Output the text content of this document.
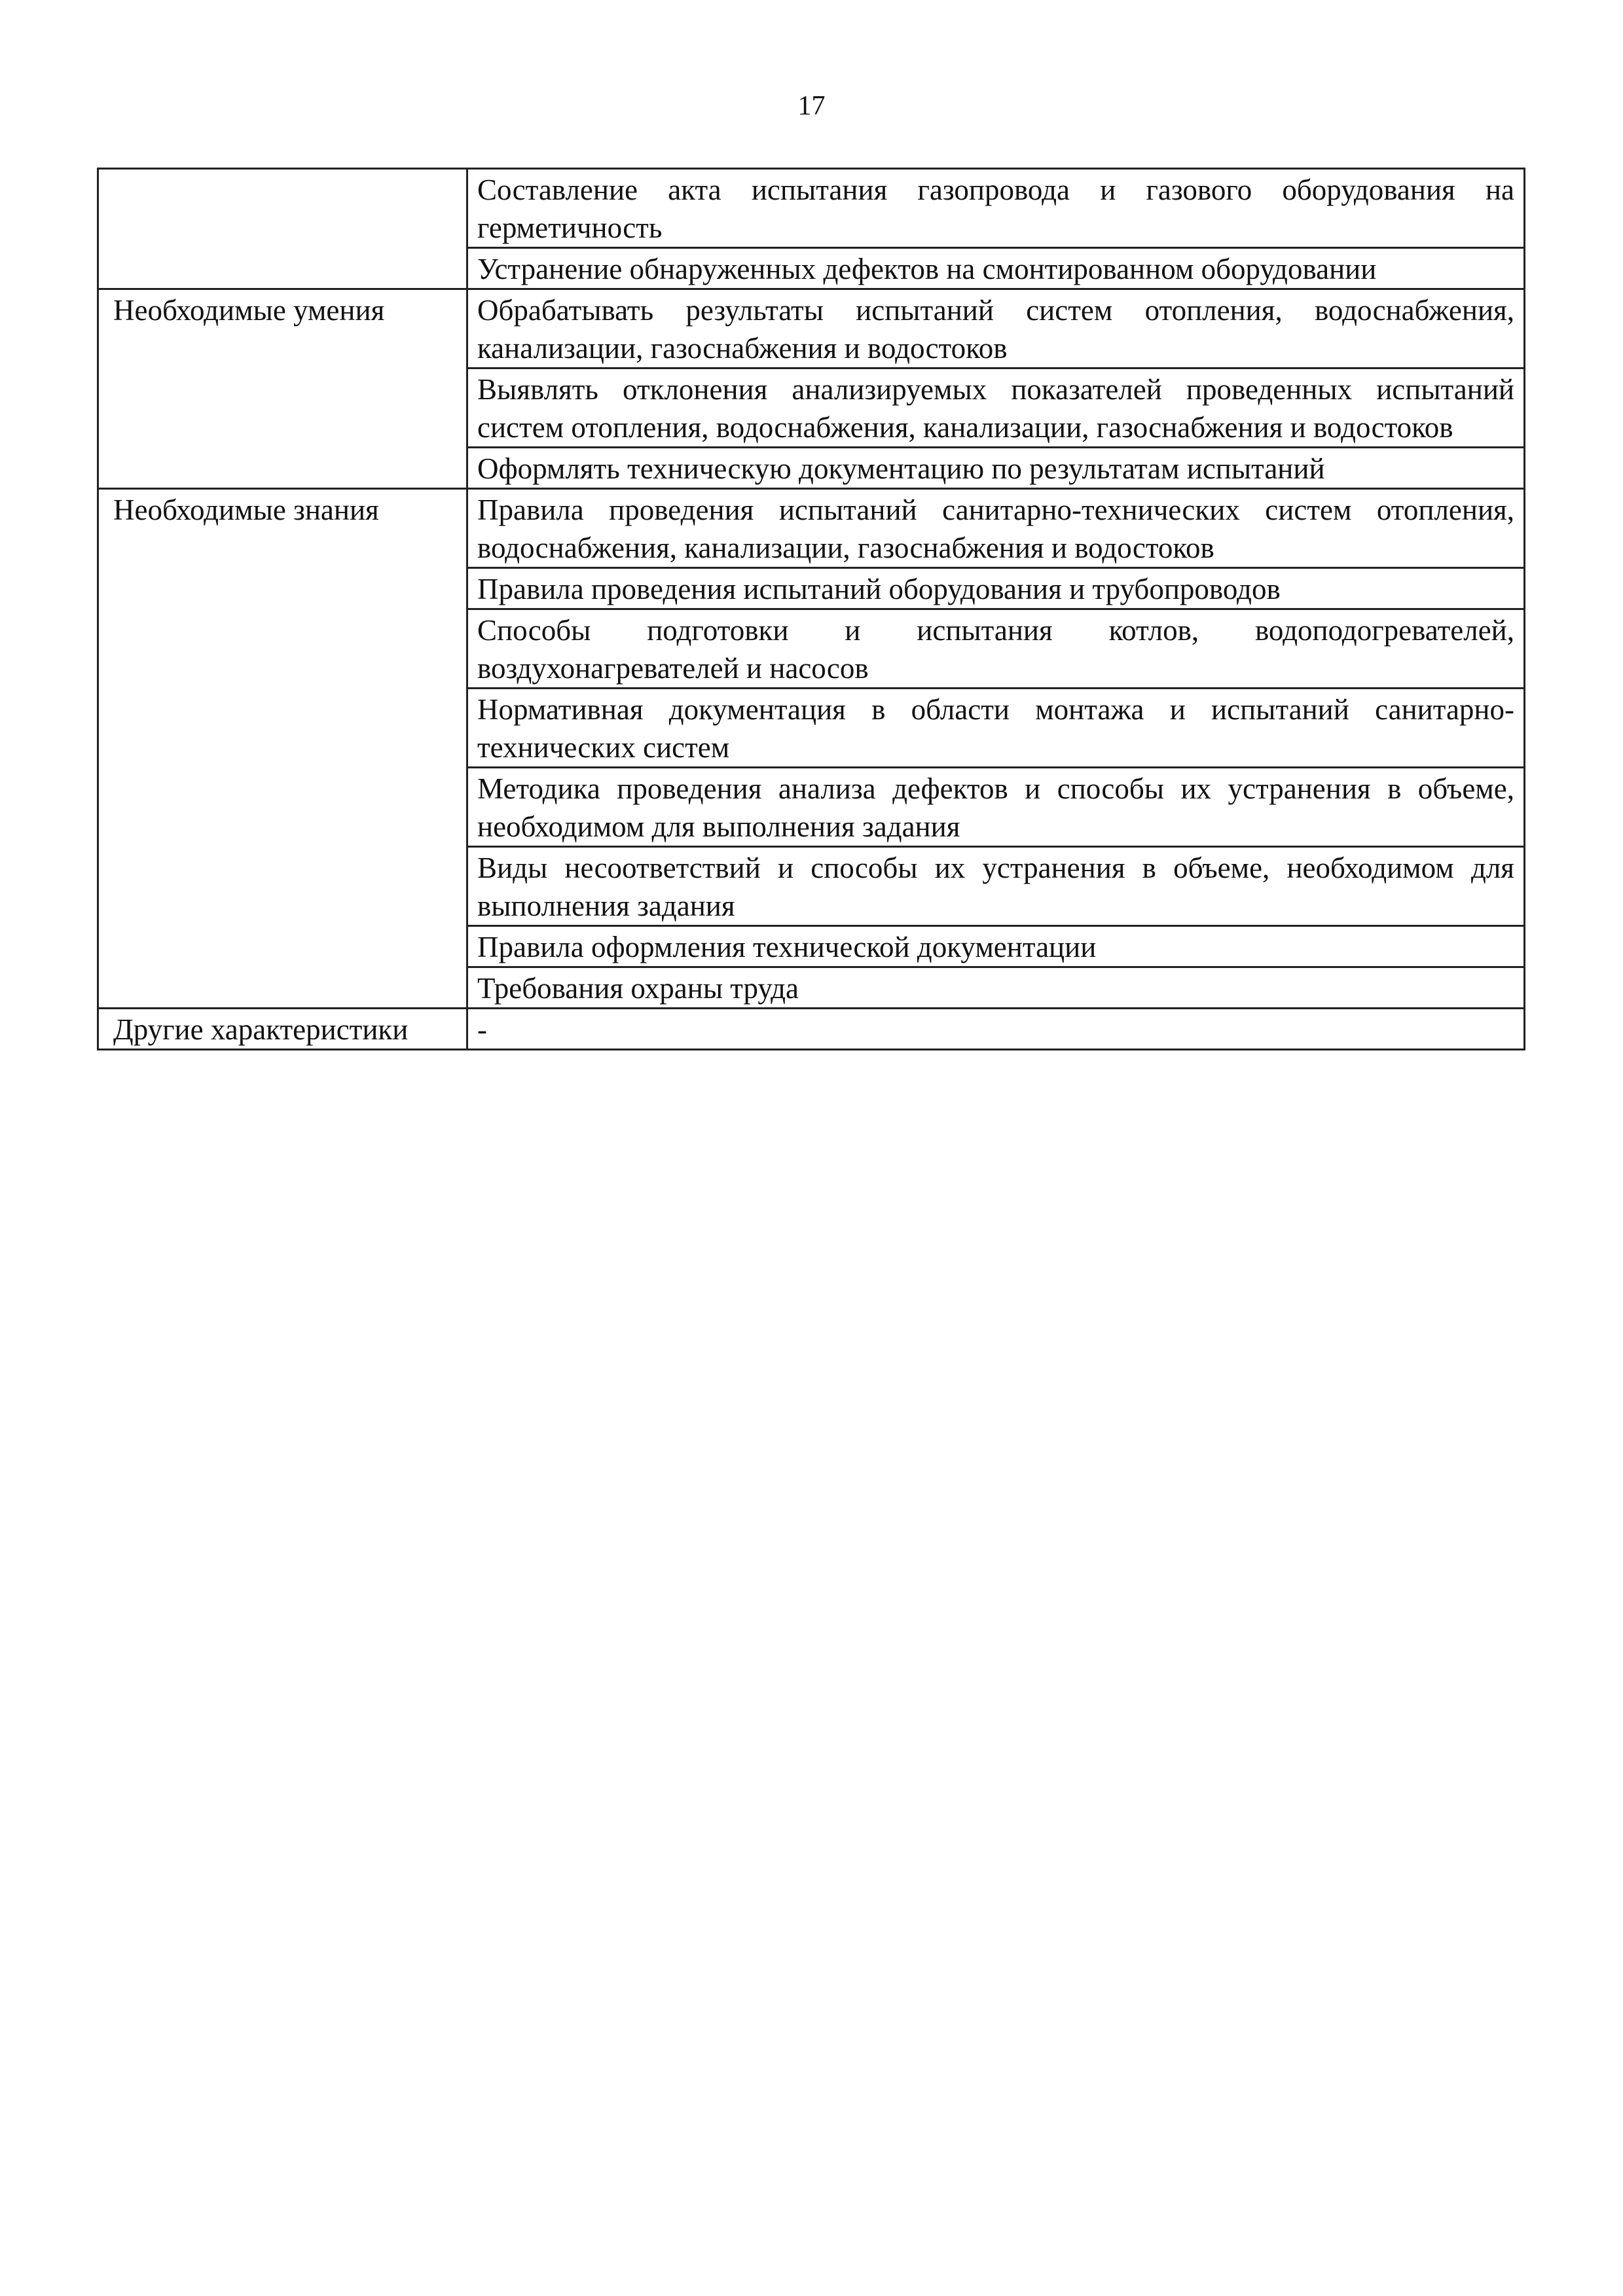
17
	Составление акта испытания газопровода и газового оборудования на герметичность
	Устранение обнаруженных дефектов на смонтированном оборудовании
Необходимые умения	Обрабатывать результаты испытаний систем отопления, водоснабжения, канализации, газоснабжения и водостоков
	Выявлять отклонения анализируемых показателей проведенных испытаний систем отопления, водоснабжения, канализации, газоснабжения и водостоков
	Оформлять техническую документацию по результатам испытаний
Необходимые знания	Правила проведения испытаний санитарно-технических систем отопления, водоснабжения, канализации, газоснабжения и водостоков
	Правила проведения испытаний оборудования и трубопроводов
	Способы подготовки и испытания котлов, водоподогревателей, воздухонагревателей и насосов
	Нормативная документация в области монтажа и испытаний санитарно-технических систем
	Методика проведения анализа дефектов и способы их устранения в объеме, необходимом для выполнения задания
	Виды несоответствий и способы их устранения в объеме, необходимом для выполнения задания
	Правила оформления технической документации
	Требования охраны труда
Другие характеристики	-
